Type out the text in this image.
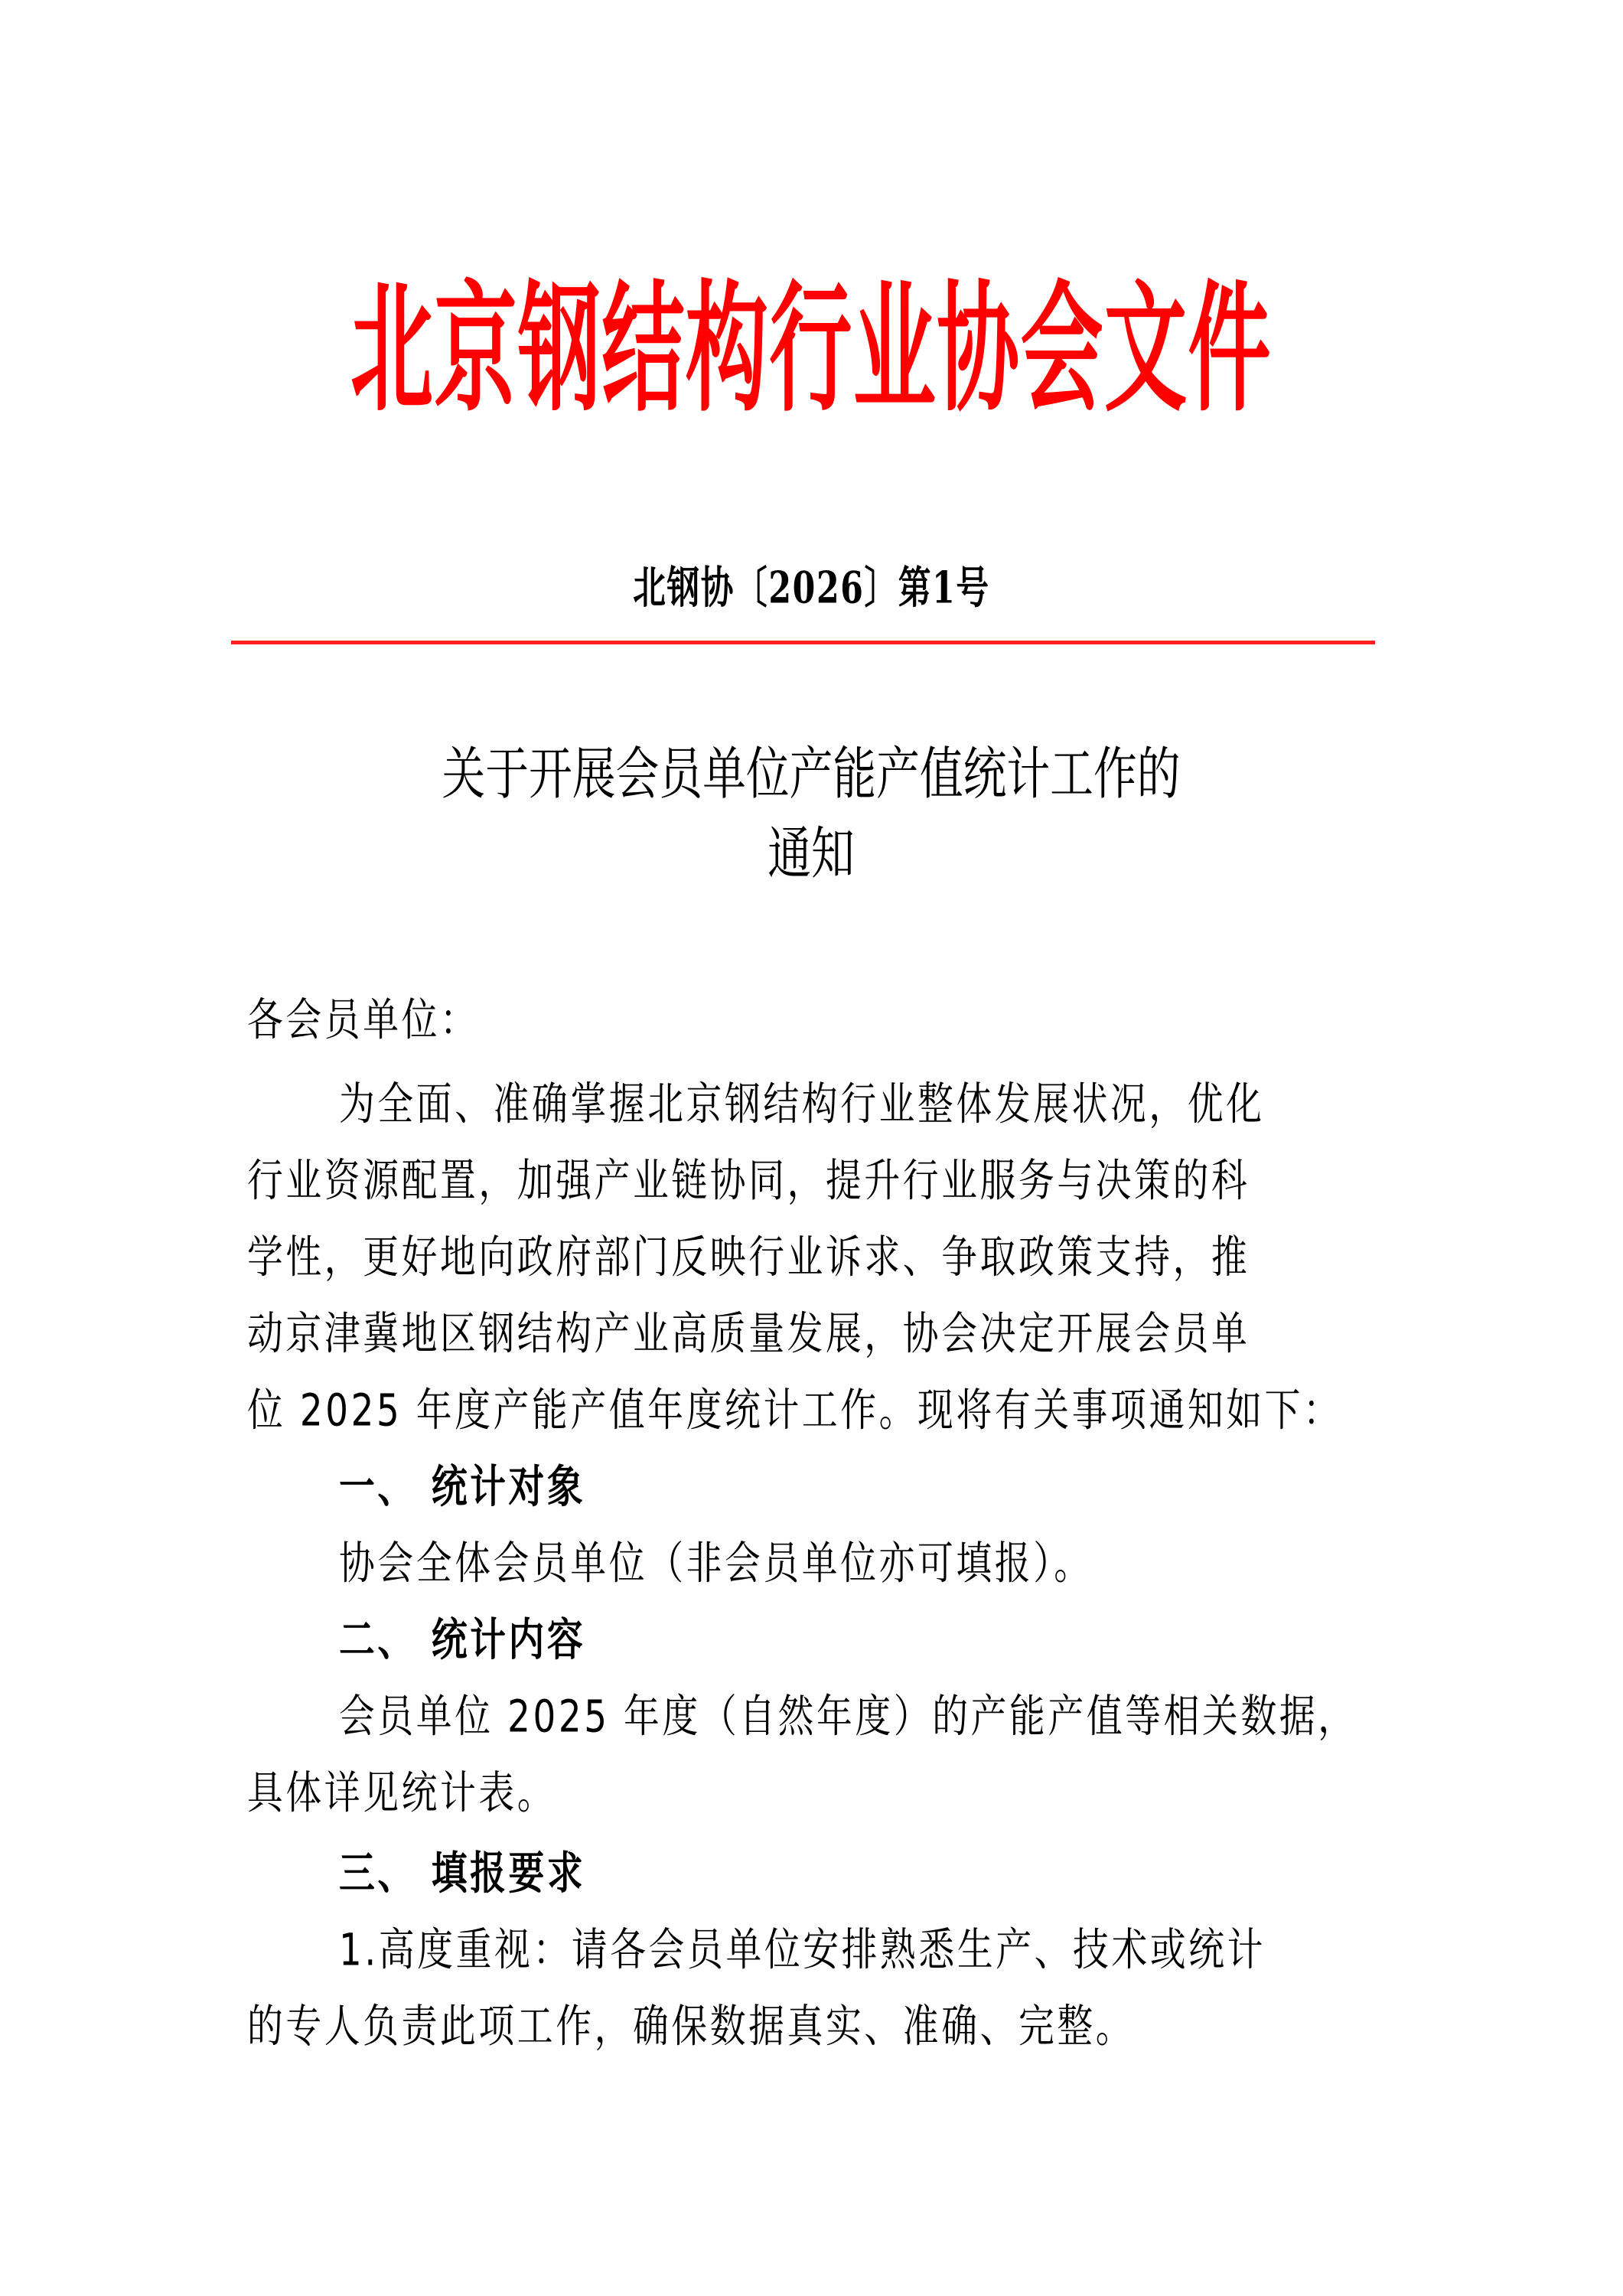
北京钢结构行业协会文件
北钢协〔2026〕第1号
关于开展会员单位产能产值统计工作的
通知
各会员单位：
为全面、准确掌握北京钢结构行业整体发展状况，优化
行业资源配置，加强产业链协同，提升行业服务与决策的科
学性，更好地向政府部门反映行业诉求、争取政策支持，推
动京津冀地区钢结构产业高质量发展，协会决定开展会员单
位 2025 年度产能产值年度统计工作。现将有关事项通知如下：
一、 统计对象
协会全体会员单位（非会员单位亦可填报）。
二、 统计内容
会员单位 2025 年度（自然年度）的产能产值等相关数据，
具体详见统计表。
三、 填报要求
1.高度重视：请各会员单位安排熟悉生产、技术或统计
的专人负责此项工作，确保数据真实、准确、完整。
